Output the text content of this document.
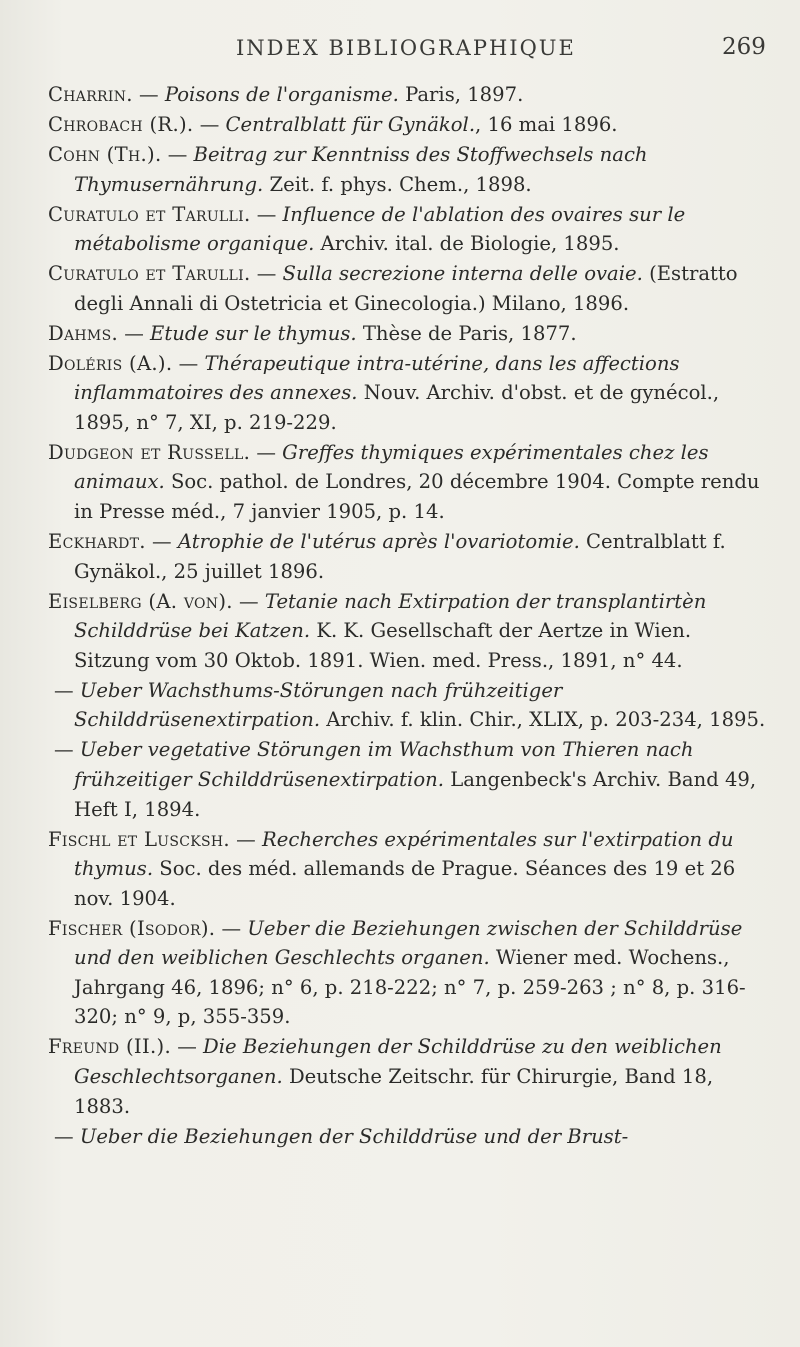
INDEX BIBLIOGRAPHIQUE	269

Charrin. — Poisons de l'organisme. Paris, 1897.

Chrobach (R.). — Centralblatt für Gynäkol., 16 mai 1896.

Cohn (Th.). — Beitrag zur Kenntniss des Stoffwechsels nach Thymusernährung. Zeit. f. phys. Chem., 1898.

Curatulo et Tarulli. — Influence de l'ablation des ovaires sur le métabolisme organique. Archiv. ital. de Biologie, 1895.

Curatulo et Tarulli. — Sulla secrezione interna delle ovaie. (Estratto degli Annali di Ostetricia et Ginecologia.) Milano, 1896.

Dahms. — Etude sur le thymus. Thèse de Paris, 1877.

Doléris (A.). — Thérapeutique intra-utérine, dans les affections inflammatoires des annexes. Nouv. Archiv. d'obst. et de gynécol., 1895, n° 7, XI, p. 219-229.

Dudgeon et Russell. — Greffes thymiques expérimentales chez les animaux. Soc. pathol. de Londres, 20 décembre 1904. Compte rendu in Presse méd., 7 janvier 1905, p. 14.

Eckhardt. — Atrophie de l'utérus après l'ovariotomie. Centralblatt f. Gynäkol., 25 juillet 1896.

Eiselberg (A. von). — Tetanie nach Extirpation der transplantirtèn Schilddrüse bei Katzen. K. K. Gesellschaft der Aertze in Wien. Sitzung vom 30 Oktob. 1891. Wien. med. Press., 1891, n° 44.

— Ueber Wachsthums-Störungen nach frühzeitiger Schilddrüsenextirpation. Archiv. f. klin. Chir., XLIX, p. 203-234, 1895.

— Ueber vegetative Störungen im Wachsthum von Thieren nach frühzeitiger Schilddrüsenextirpation. Langenbeck's Archiv. Band 49, Heft I, 1894.

Fischl et Lusсksh. — Recherches expérimentales sur l'extirpation du thymus. Soc. des méd. allemands de Prague. Séances des 19 et 26 nov. 1904.

Fischer (Isodor). — Ueber die Beziehungen zwischen der Schilddrüse und den weiblichen Geschlechts organen. Wiener med. Wochens., Jahrgang 46, 1896; n° 6, p. 218-222; n° 7, p. 259-263 ; n° 8, p. 316-320; n° 9, p, 355-359.

Freund (II.). — Die Beziehungen der Schilddrüse zu den weiblichen Geschlechtsorganen. Deutsche Zeitschr. für Chirurgie, Band 18, 1883.

— Ueber die Beziehungen der Schilddrüse und der Brust-
